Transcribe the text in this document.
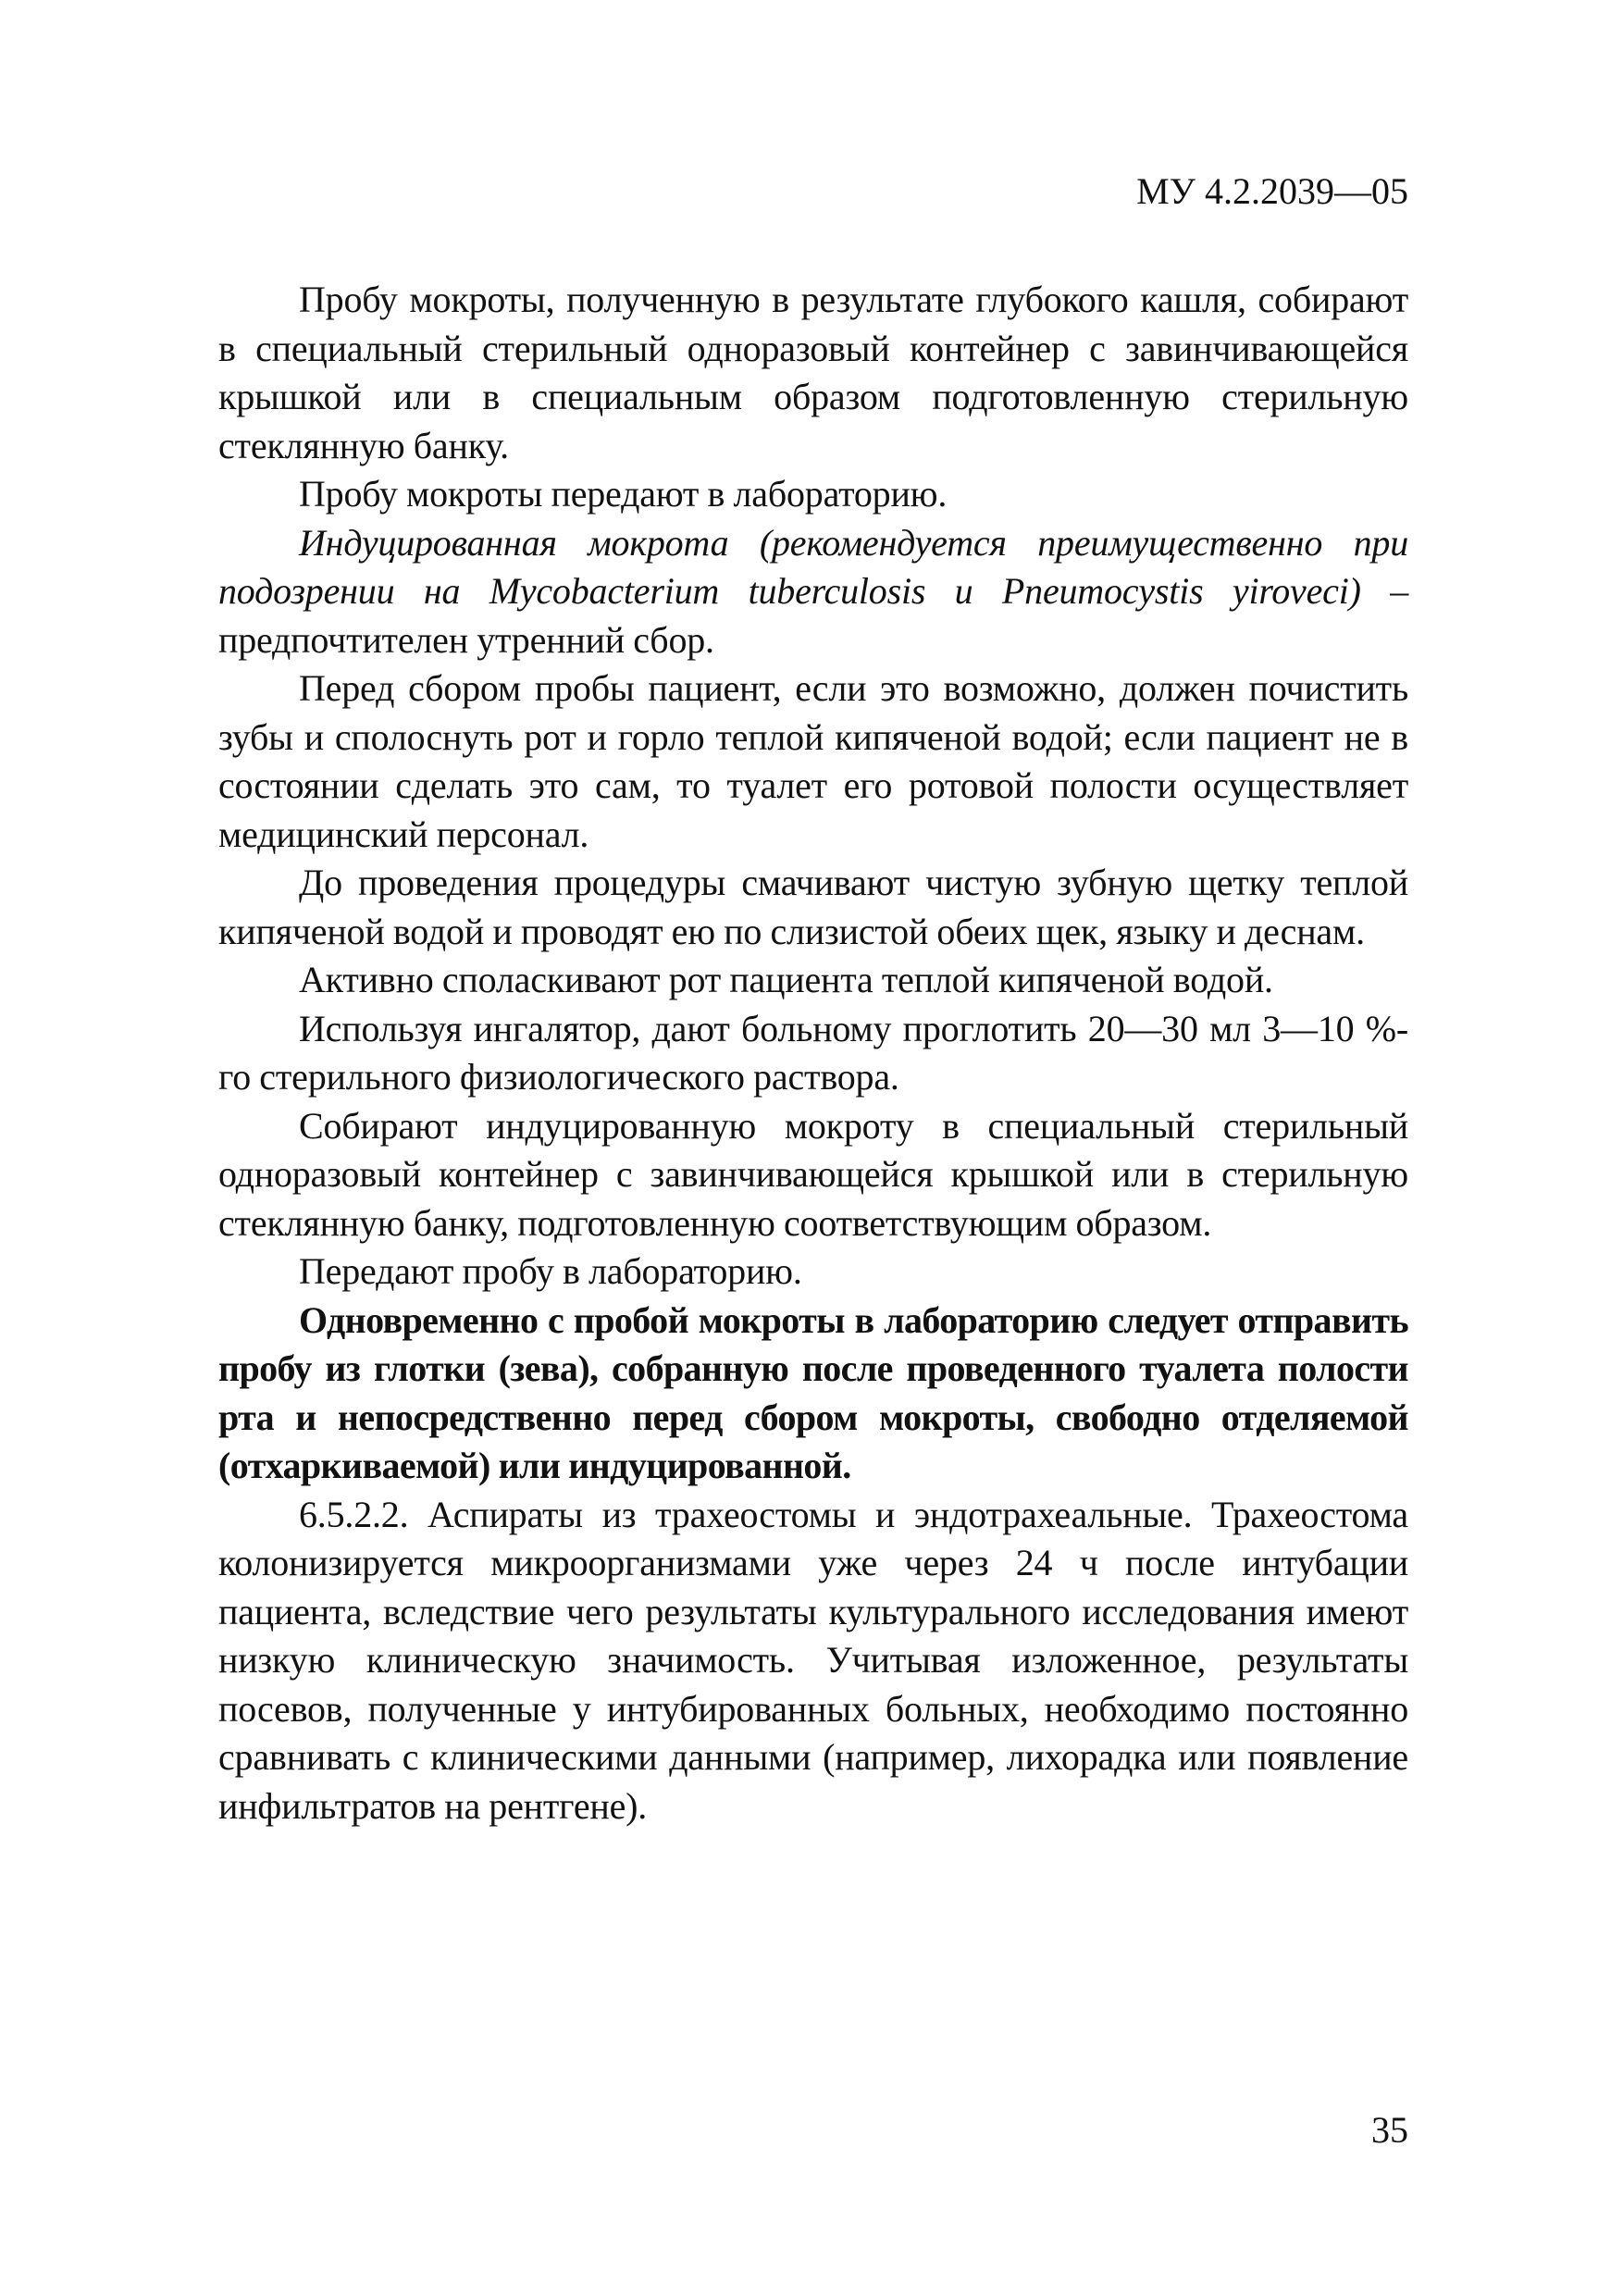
МУ 4.2.2039—05

Пробу мокроты, полученную в результате глубокого кашля, собирают в специальный стерильный одноразовый контейнер с завинчивающейся крышкой или в специальным образом подготовленную стерильную стеклянную банку.

Пробу мокроты передают в лабораторию.

Индуцированная мокрота (рекомендуется преимущественно при подозрении на Mycobacterium tuberculosis и Pneumocystis yiroveci) – предпочтителен утренний сбор.

Перед сбором пробы пациент, если это возможно, должен почистить зубы и сполоснуть рот и горло теплой кипяченой водой; если пациент не в состоянии сделать это сам, то туалет его ротовой полости осуществляет медицинский персонал.

До проведения процедуры смачивают чистую зубную щетку теплой кипяченой водой и проводят ею по слизистой обеих щек, языку и деснам.

Активно споласкивают рот пациента теплой кипяченой водой.

Используя ингалятор, дают больному проглотить 20—30 мл 3—10 %-го стерильного физиологического раствора.

Собирают индуцированную мокроту в специальный стерильный одноразовый контейнер с завинчивающейся крышкой или в стерильную стеклянную банку, подготовленную соответствующим образом.

Передают пробу в лабораторию.

Одновременно с пробой мокроты в лабораторию следует отправить пробу из глотки (зева), собранную после проведенного туалета полости рта и непосредственно перед сбором мокроты, свободно отделяемой (отхаркиваемой) или индуцированной.

6.5.2.2. Аспираты из трахеостомы и эндотрахеальные. Трахеостома колонизируется микроорганизмами уже через 24 ч после интубации пациента, вследствие чего результаты культурального исследования имеют низкую клиническую значимость. Учитывая изложенное, результаты посевов, полученные у интубированных больных, необходимо постоянно сравнивать с клиническими данными (например, лихорадка или появление инфильтратов на рентгене).

35
